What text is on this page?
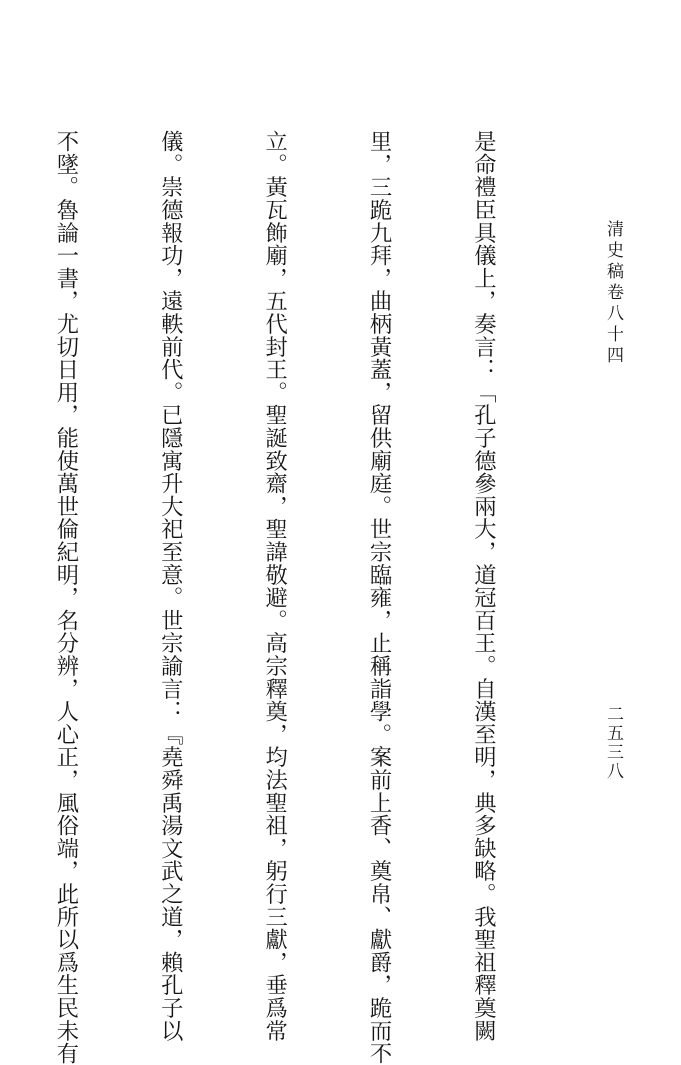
清史稿卷八十四

是命禮臣具儀上，奏言：「孔子德參兩大，道冠百王。自漢至明，典多缺略。我聖祖釋奠闕

里，三跪九拜，曲柄黃蓋，留供廟庭。世宗臨雍，止稱詣學。案前上香、奠帛、獻爵，跪而不

立。黃瓦飾廟，五代封王。聖誕致齋，聖諱敬避。高宗釋奠，均法聖祖，躬行三獻，垂爲常

儀。崇德報功，遠軼前代。已隱寓升大祀至意。世宗諭言：『堯舜禹湯文武之道，賴孔子以

不墜。魯論一書，尤切日用，能使萬世倫紀明，名分辨，人心正，風俗端，此所以爲生民未有

	二五三八
